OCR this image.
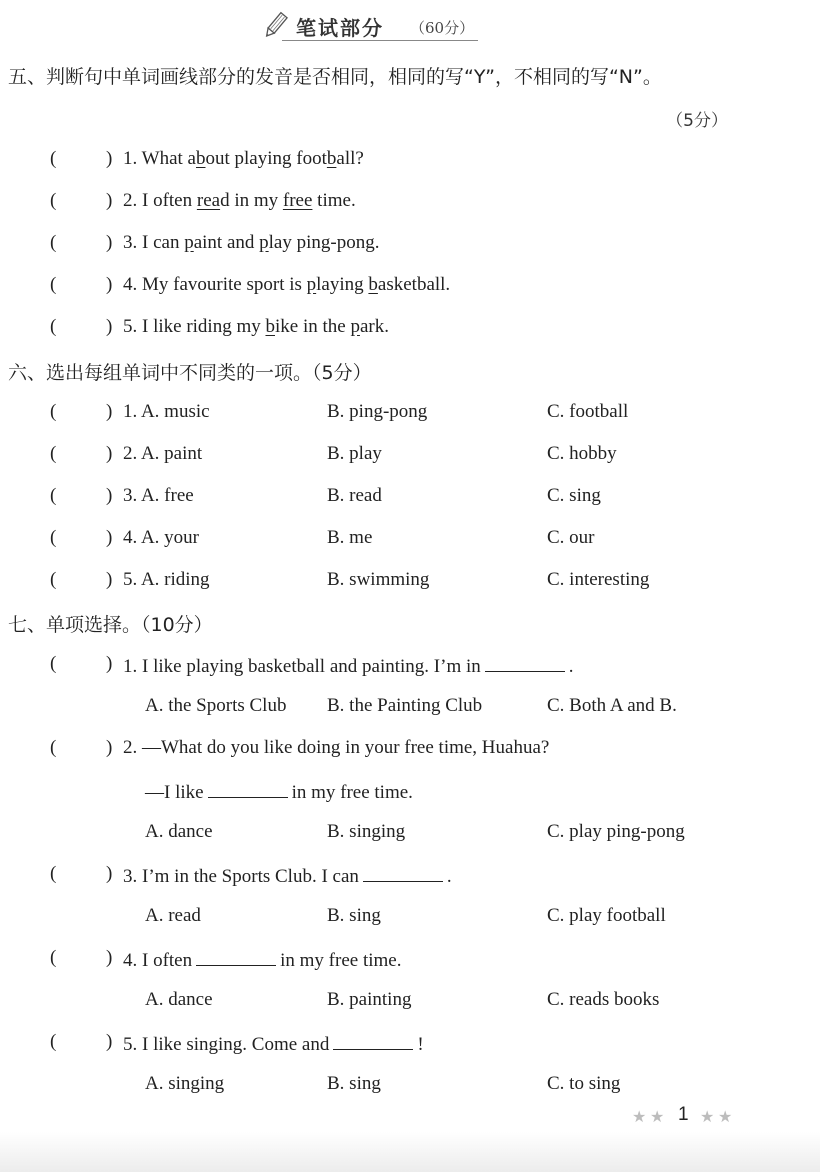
笔试部分 （60分）
五、判断句中单词画线部分的发音是否相同，相同的写“Y”，不相同的写“N”。
（5分）
(	) 1. What about playing football?
(	) 2. I often read in my free time.
(	) 3. I can paint and play ping-pong.
(	) 4. My favourite sport is playing basketball.
(	) 5. I like riding my bike in the park.
六、选出每组单词中不同类的一项。（5分）
(	) 1. A. music	B. ping-pong	C. football
(	) 2. A. paint	B. play	C. hobby
(	) 3. A. free	B. read	C. sing
(	) 4. A. your	B. me	C. our
(	) 5. A. riding	B. swimming	C. interesting
七、单项选择。（10分）
(	) 1. I like playing basketball and painting. I’m in	.
A. the Sports Club B. the Painting Club	C. Both A and B.
(	) 2. —What do you like doing in your free time, Huahua?
—I like	in my free time.
A. dance	B. singing	C. play ping-pong
(	) 3. I’m in the Sports Club. I can	.
A. read	B. sing	C. play football
(	) 4. I often	in my free time.
A. dance	B. painting	C. reads books
(	) 5. I like singing. Come and	!
A. singing	B. sing	C. to sing
★ ★ 1 ★ ★
